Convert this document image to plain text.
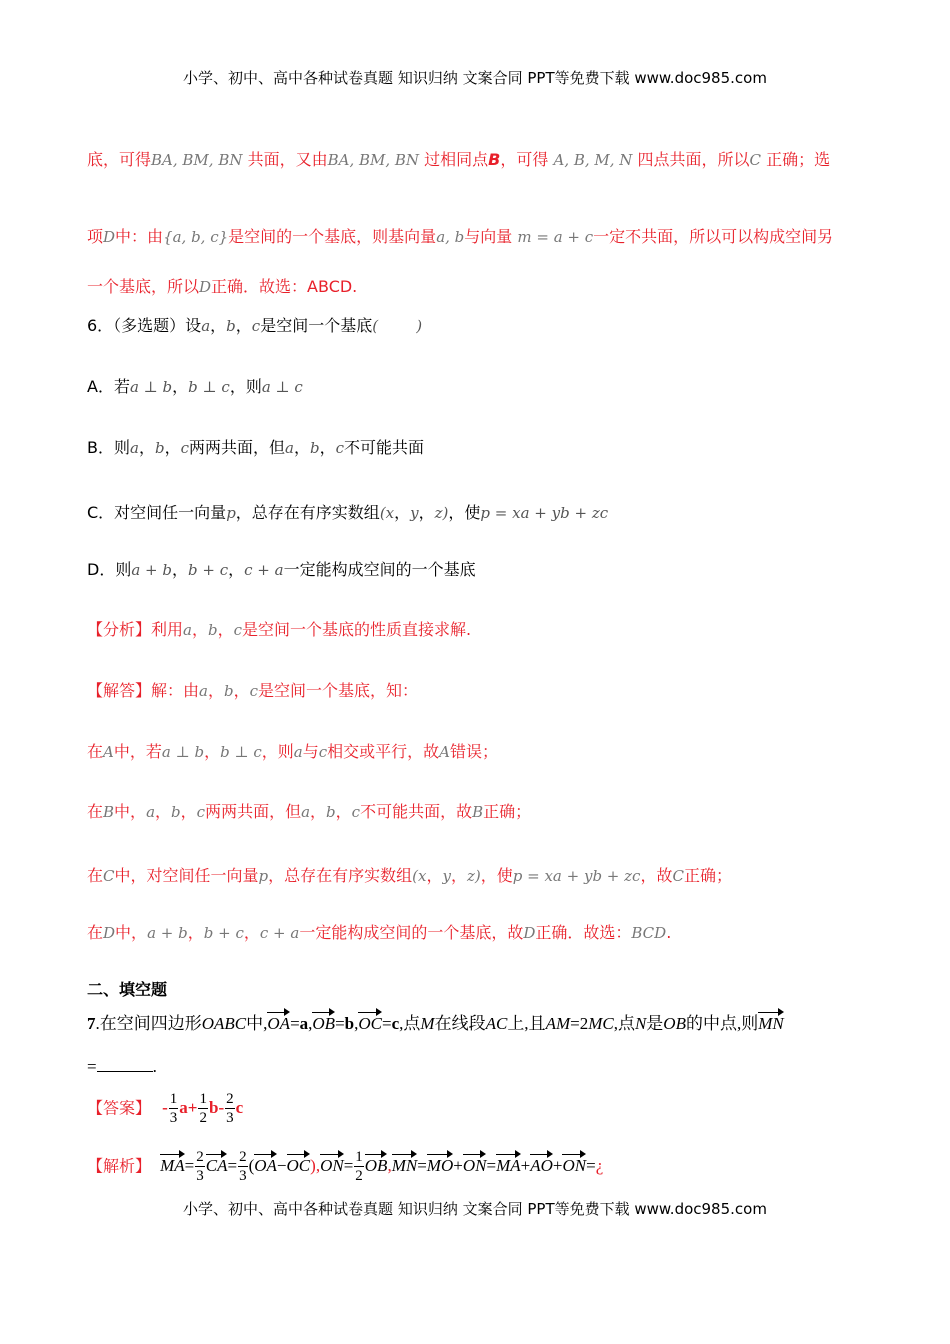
小学、初中、高中各种试卷真题 知识归纳 文案合同 PPT等免费下载 www.doc985.com
小学、初中、高中各种试卷真题 知识归纳 文案合同 PPT等免费下载 www.doc985.com
底，可得BA, BM, BN 共面，又由BA, BM, BN 过相同点B，可得 A, B, M, N 四点共面，所以C 正确；选
项D中：由{a, b, c}是空间的一个基底，则基向量a, b与向量 m = a + c一定不共面，所以可以构成空间另
一个基底，所以D正确．故选：ABCD.
6．（多选题）设a，b，c是空间一个基底(        )
A．若a ⊥ b，b ⊥ c，则a ⊥ c
B．则a，b，c两两共面，但a，b，c不可能共面
C．对空间任一向量p，总存在有序实数组(x，y，z)，使p = xa + yb + zc
D．则a + b，b + c，c + a一定能构成空间的一个基底
【分析】利用a，b，c是空间一个基底的性质直接求解.
【解答】解：由a，b，c是空间一个基底，知：
在A中，若a ⊥ b，b ⊥ c，则a与c相交或平行，故A错误；
在B中，a，b，c两两共面，但a，b，c不可能共面，故B正确；
在C中，对空间任一向量p，总存在有序实数组(x，y，z)，使p = xa + yb + zc，故C正确；
在D中，a + b，b + c，c + a一定能构成空间的一个基底，故D正确．故选：BCD.
二、填空题
7.在空间四边形OABC中,OA=a,OB=b,OC=c,点M在线段AC上,且AM=2MC,点N是OB的中点,则MN
=	.
【答案】 - $\frac{1}{3} a+ \frac{1}{2} b- \frac{2}{3}$ c
【解析】 $MA= \frac{2}{3} CA= \frac{2}{3} (OA-OC),ON= \frac{1}{2}$ OB,MN=MO+ON=MA+AO+ON=¿
